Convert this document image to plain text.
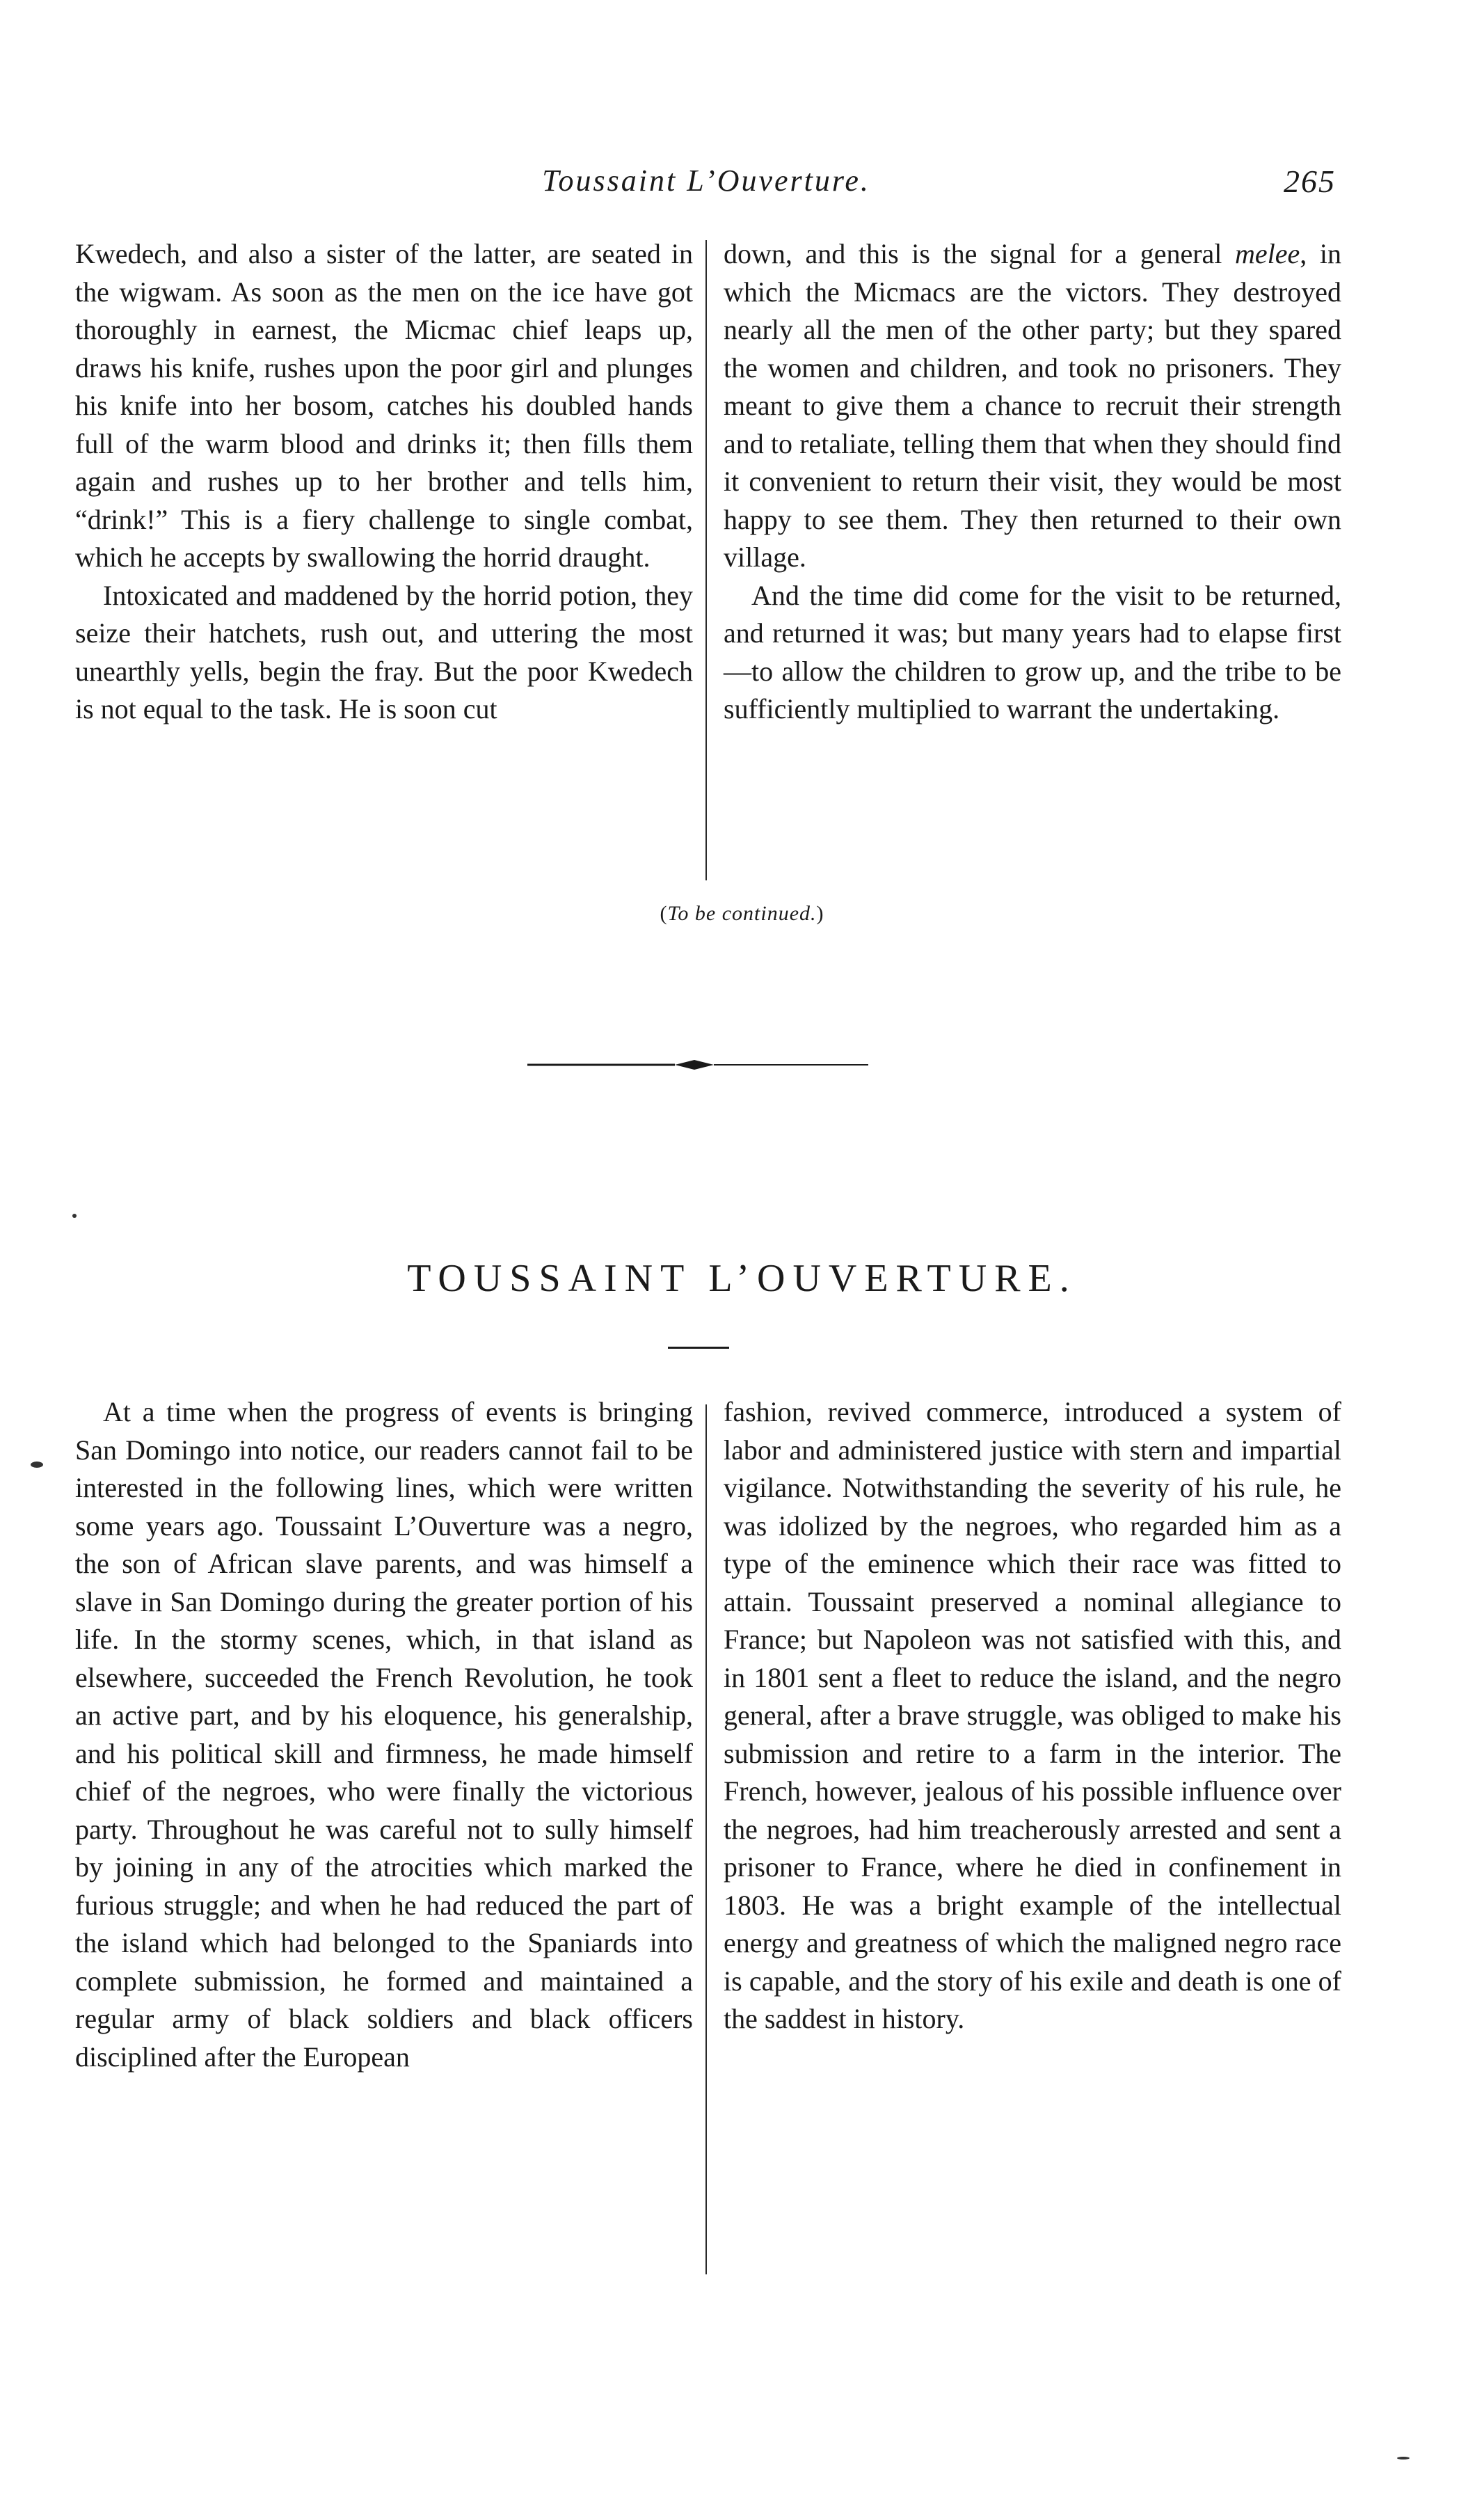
Toussaint L’Ouverture.	265

Kwedech, and also a sister of the latter, are seated in the wigwam. As soon as the men on the ice have got thoroughly in earnest, the Micmac chief leaps up, draws his knife, rushes upon the poor girl and plunges his knife into her bosom, catches his doubled hands full of the warm blood and drinks it; then fills them again and rushes up to her brother and tells him, “drink!” This is a fiery challenge to single combat, which he accepts by swallowing the horrid draught.

Intoxicated and maddened by the horrid potion, they seize their hatchets, rush out, and uttering the most unearthly yells, begin the fray. But the poor Kwedech is not equal to the task. He is soon cut

down, and this is the signal for a general melee, in which the Micmacs are the victors. They destroyed nearly all the men of the other party; but they spared the women and children, and took no prisoners. They meant to give them a chance to recruit their strength and to retaliate, telling them that when they should find it convenient to return their visit, they would be most happy to see them. They then returned to their own village.

And the time did come for the visit to be returned, and returned it was; but many years had to elapse first—to allow the children to grow up, and the tribe to be sufficiently multiplied to warrant the undertaking.

(To be continued.)
TOUSSAINT L’OUVERTURE.

At a time when the progress of events is bringing San Domingo into notice, our readers cannot fail to be interested in the following lines, which were written some years ago. Toussaint L’Ouverture was a negro, the son of African slave parents, and was himself a slave in San Domingo during the greater portion of his life. In the stormy scenes, which, in that island as elsewhere, succeeded the French Revolution, he took an active part, and by his eloquence, his generalship, and his political skill and firmness, he made himself chief of the negroes, who were finally the victorious party. Throughout he was careful not to sully himself by joining in any of the atrocities which marked the furious struggle; and when he had reduced the part of the island which had belonged to the Spaniards into complete submission, he formed and maintained a regular army of black soldiers and black officers disciplined after the European

fashion, revived commerce, introduced a system of labor and administered justice with stern and impartial vigilance. Notwithstanding the severity of his rule, he was idolized by the negroes, who regarded him as a type of the eminence which their race was fitted to attain. Toussaint preserved a nominal allegiance to France; but Napoleon was not satisfied with this, and in 1801 sent a fleet to reduce the island, and the negro general, after a brave struggle, was obliged to make his submission and retire to a farm in the interior. The French, however, jealous of his possible influence over the negroes, had him treacherously arrested and sent a prisoner to France, where he died in confinement in 1803. He was a bright example of the intellectual energy and greatness of which the maligned negro race is capable, and the story of his exile and death is one of the saddest in history.
